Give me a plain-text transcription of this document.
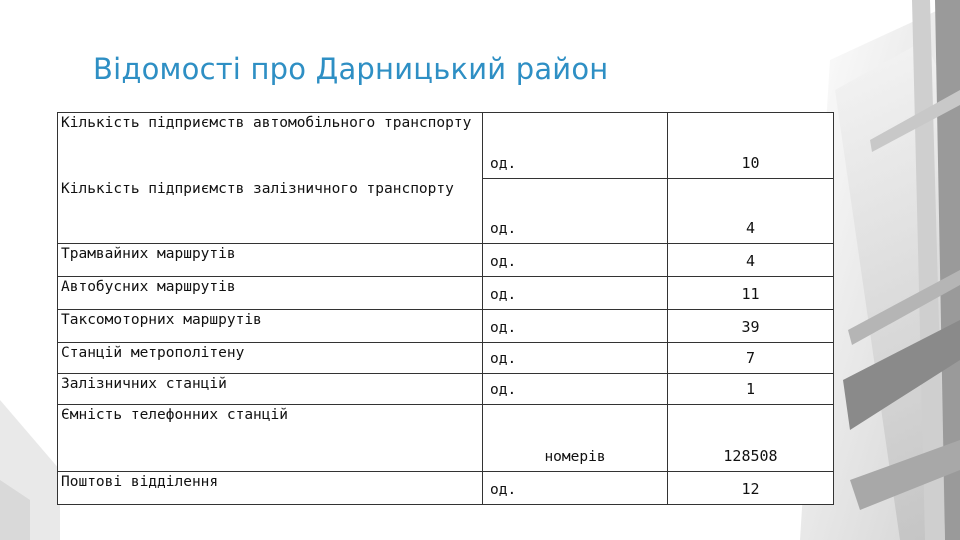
Відомості про Дарницький район
Кількість підприємств автомобільного транспорту	од.	10
Кількість підприємств залізничного транспорту	од.	4
Трамвайних маршрутів	од.	4
Автобусних маршрутів	од.	11
Таксомоторних маршрутів	од.	39
Станцій метрополітену	од.	7
Залізничних станцій	од.	1
Ємність телефонних станцій	номерів	128508
Поштові відділення	од.	12
